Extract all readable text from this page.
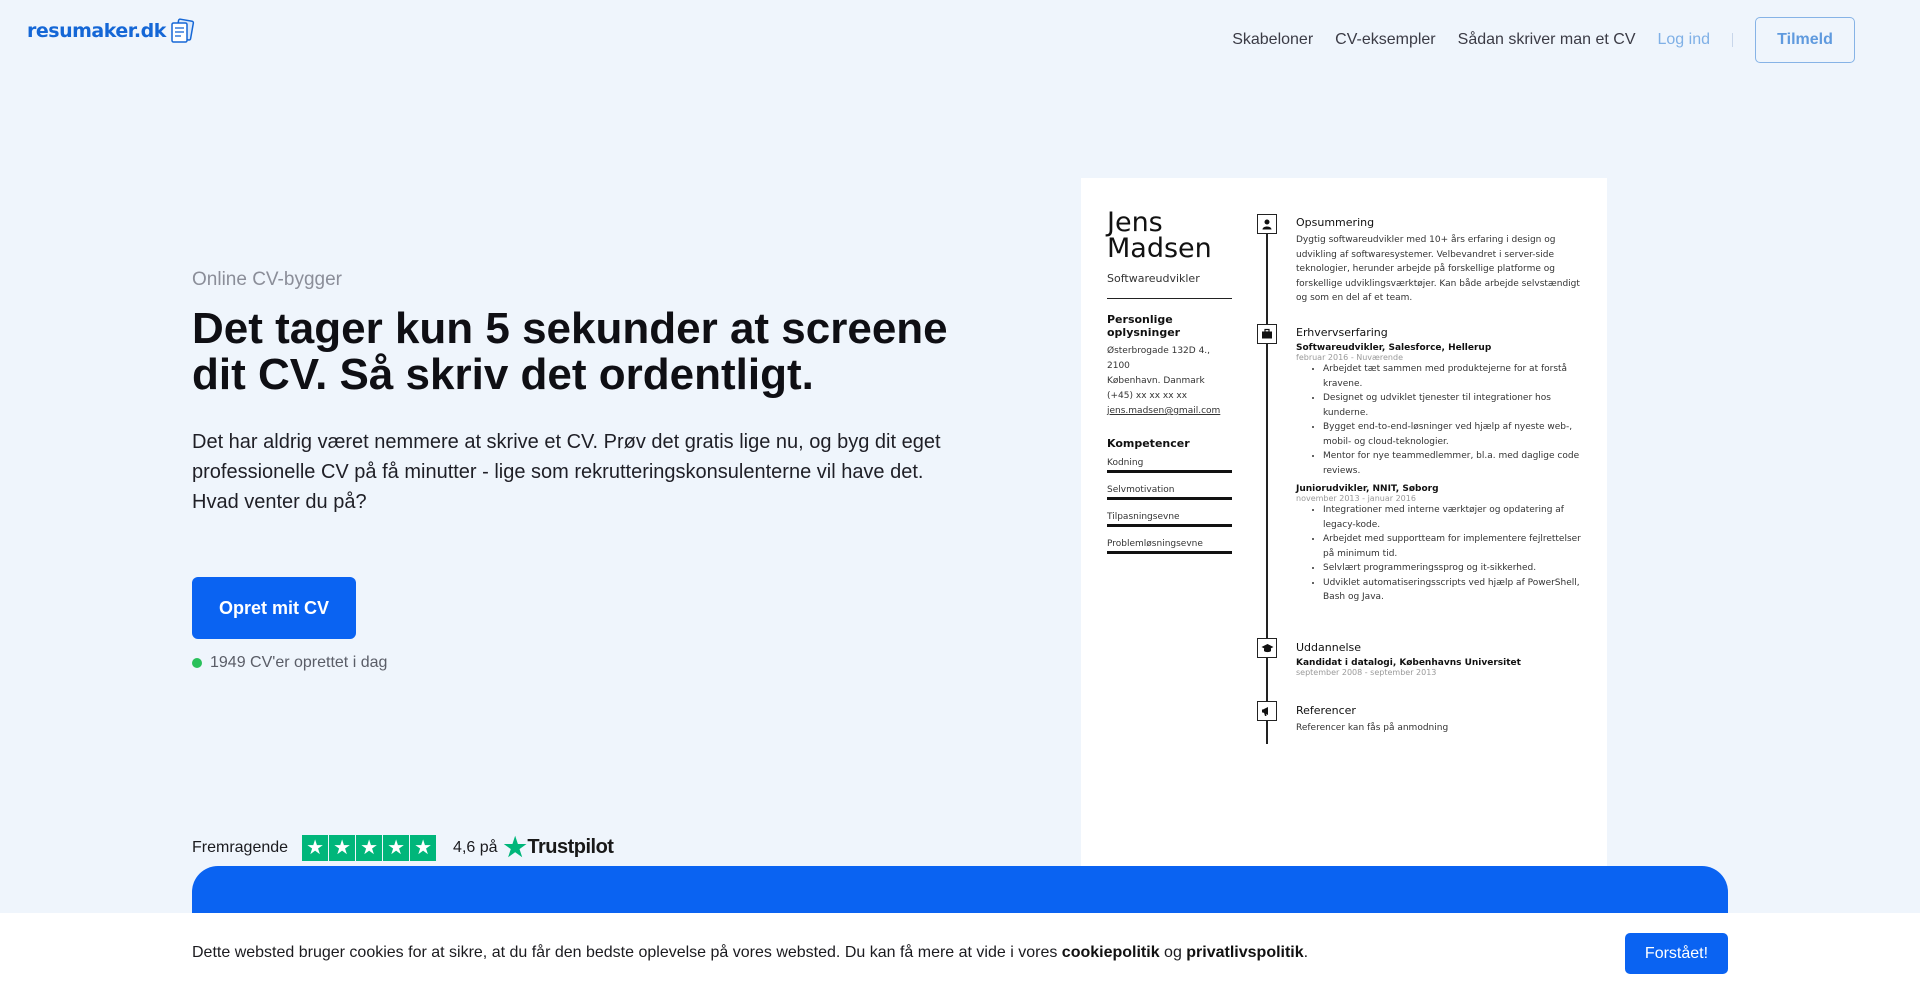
resumaker.dk	Skabeloner CV-eksempler Sådan skriver man et CV Log ind	Tilmeld
Online CV-bygger
Det tager kun 5 sekunder at screene dit CV. Så skriv det ordentligt.

Det har aldrig været nemmere at skrive et CV. Prøv det gratis lige nu, og byg dit eget professionelle CV på få minutter - lige som rekrutteringskonsulenterne vil have det. Hvad venter du på?

Opret mit CV
1949 CV'er oprettet i dag
Fremragende ★ ★ ★ ★ ★ 4,6 på ★ Trustpilot
Jens
Madsen
Softwareudvikler
Personlige oplysninger
Østerbrogade 132D 4., 2100
København. Danmark
(+45) xx xx xx xx
jens.madsen@gmail.com
Kompetencer
Kodning
Selvmotivation
Tilpasningsevne
Problemløsningsevne
Opsummering
Dygtig softwareudvikler med 10+ års erfaring i design og udvikling af softwaresystemer. Velbevandret i server-side teknologier, herunder arbejde på forskellige platforme og forskellige udviklingsværktøjer. Kan både arbejde selvstændigt og som en del af et team.
Erhvervserfaring
Softwareudvikler, Salesforce, Hellerup
februar 2016 - Nuværende
• Arbejdet tæt sammen med produktejerne for at forstå kravene.
• Designet og udviklet tjenester til integrationer hos kunderne.
• Bygget end-to-end-løsninger ved hjælp af nyeste web-, mobil- og cloud-teknologier.
• Mentor for nye teammedlemmer, bl.a. med daglige code reviews.
Juniorudvikler, NNIT, Søborg
november 2013 - januar 2016
• Integrationer med interne værktøjer og opdatering af legacy-kode.
• Arbejdet med supportteam for implementere fejlrettelser på minimum tid.
• Selvlært programmeringssprog og it-sikkerhed.
• Udviklet automatiseringsscripts ved hjælp af PowerShell, Bash og Java.
Uddannelse
Kandidat i datalogi, Københavns Universitet
september 2008 - september 2013
Referencer
Referencer kan fås på anmodning
Dette websted bruger cookies for at sikre, at du får den bedste oplevelse på vores websted. Du kan få mere at vide i vores cookiepolitik og privatlivspolitik.	Forstået!
